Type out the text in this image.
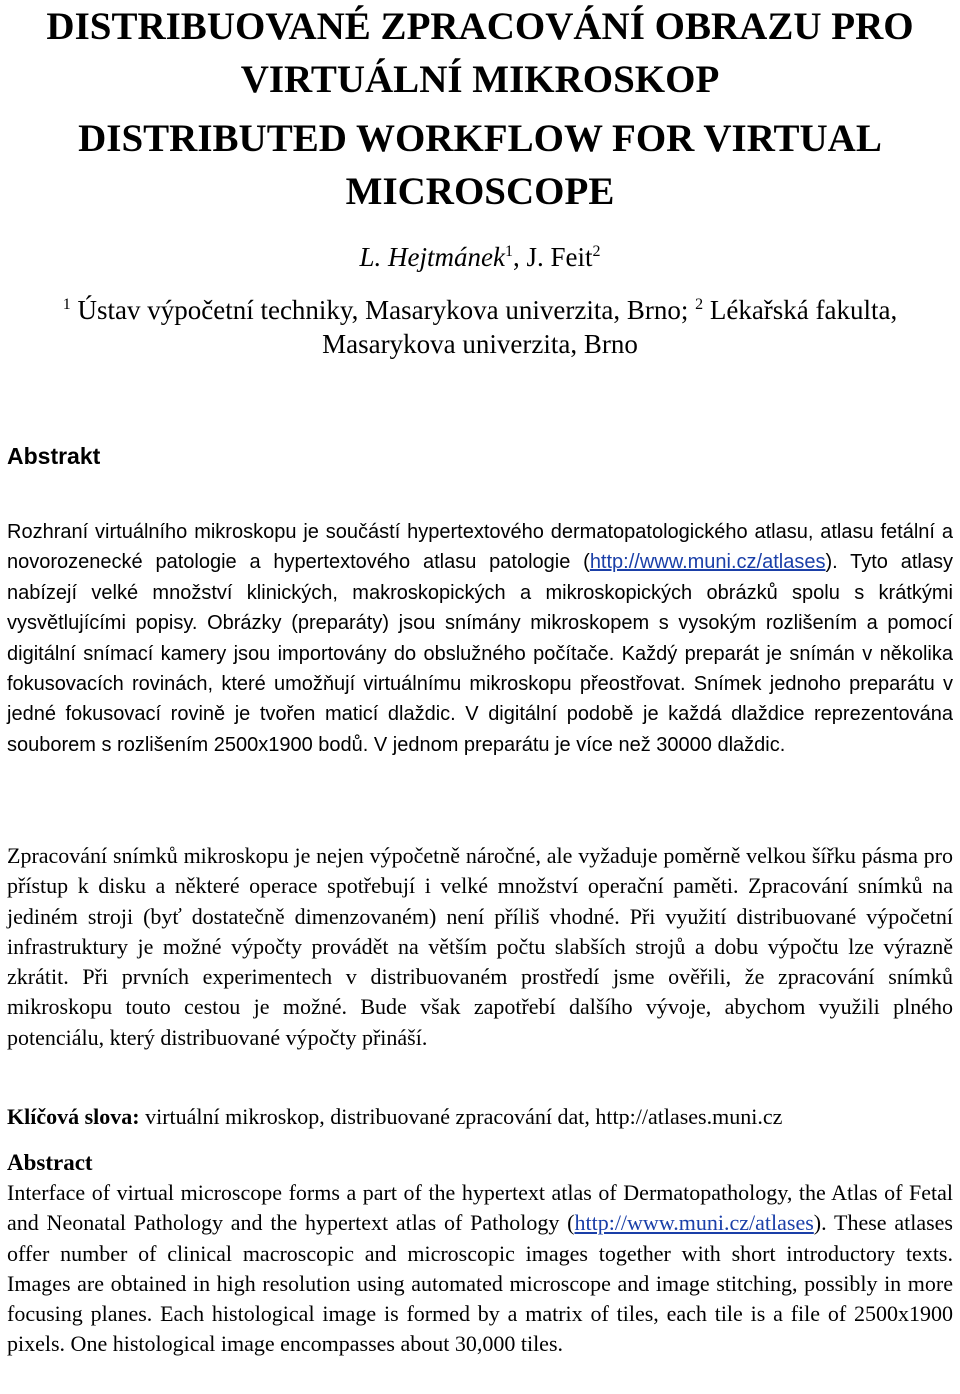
DISTRIBUOVANÉ ZPRACOVÁNÍ OBRAZU PRO
VIRTUÁLNÍ MIKROSKOP
DISTRIBUTED WORKFLOW FOR VIRTUAL
MICROSCOPE
L. Hejtmánek$^1$, J. Feit$^2$
$^1$ Ústav výpočetní techniky, Masarykova univerzita, Brno; $^2$ Lékařská fakulta,
Masarykova univerzita, Brno
Abstrakt

Rozhraní virtuálního mikroskopu je součástí hypertextového dermatopatologického atlasu, atlasu fetální a novorozenecké patologie a hypertextového atlasu patologie (http://www.muni.cz/atlases). Tyto atlasy nabízejí velké množství klinických, makroskopických a mikroskopických obrázků spolu s krátkými vysvětlujícími popisy. Obrázky (preparáty) jsou snímány mikroskopem s vysokým rozlišením a pomocí digitální snímací kamery jsou importovány do obslužného počítače. Každý preparát je snímán v několika fokusovacích rovinách, které umožňují virtuálnímu mikroskopu přeostřovat. Snímek jednoho preparátu v jedné fokusovací rovině je tvořen maticí dlaždic. V digitální podobě je každá dlaždice reprezentována souborem s rozlišením 2500x1900 bodů. V jednom preparátu je více než 30000 dlaždic.

Zpracování snímků mikroskopu je nejen výpočetně náročné, ale vyžaduje poměrně velkou šířku pásma pro přístup k disku a některé operace spotřebují i velké množství operační paměti. Zpracování snímků na jediném stroji (byť dostatečně dimenzovaném) není příliš vhodné. Při využití distribuované výpočetní infrastruktury je možné výpočty provádět na větším počtu slabších strojů a dobu výpočtu lze výrazně zkrátit. Při prvních experimentech v distribuovaném prostředí jsme ověřili, že zpracování snímků mikroskopu touto cestou je možné. Bude však zapotřebí dalšího vývoje, abychom využili plného potenciálu, který distribuované výpočty přináší.

Klíčová slova: virtuální mikroskop, distribuované zpracování dat, http://atlases.muni.cz

Abstract

Interface of virtual microscope forms a part of the hypertext atlas of Dermatopathology, the Atlas of Fetal and Neonatal Pathology and the hypertext atlas of Pathology (http://www.muni.cz/atlases). These atlases offer number of clinical macroscopic and microscopic images together with short introductory texts. Images are obtained in high resolution using automated microscope and image stitching, possibly in more focusing planes. Each histological image is formed by a matrix of tiles, each tile is a file of 2500x1900 pixels. One histological image encompasses about 30,000 tiles.
